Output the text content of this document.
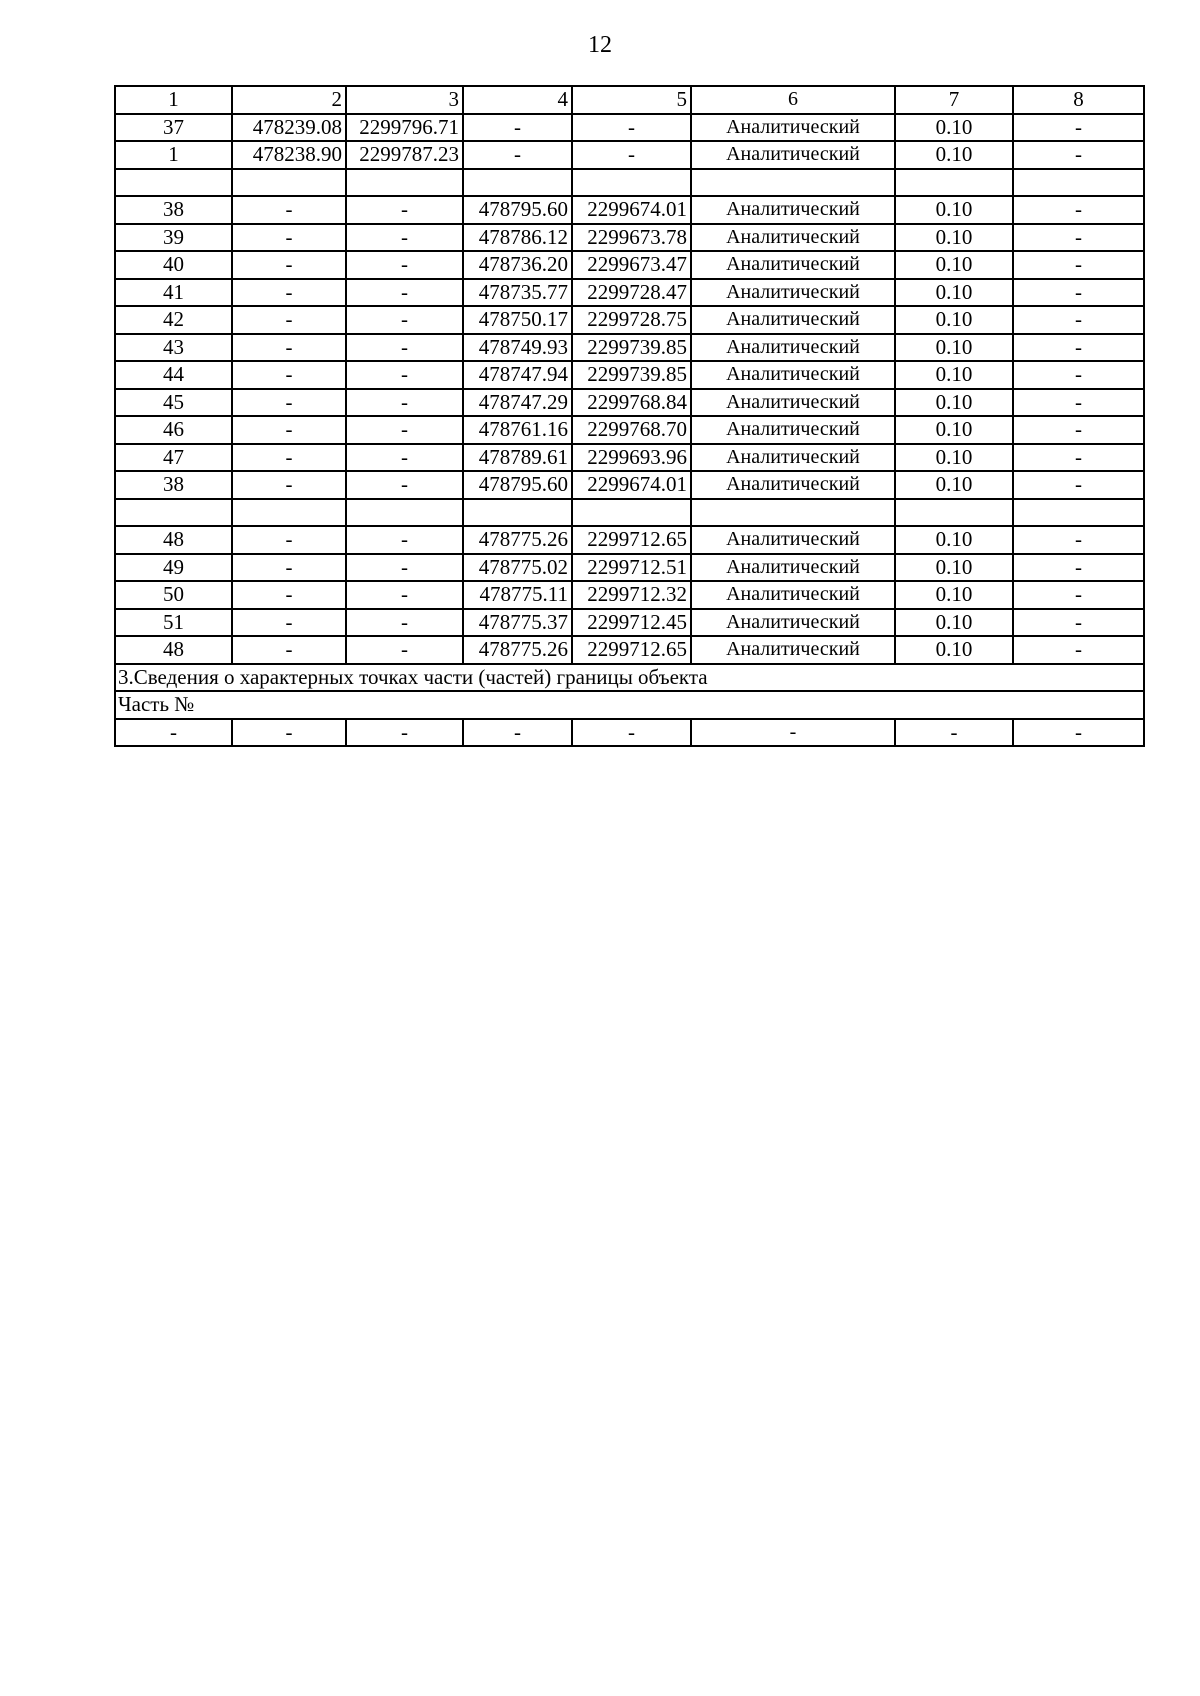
12
1	2	3	4	5	6	7	8
37	478239.08	2299796.71	-	-	Аналитический	0.10	-
1	478238.90	2299787.23	-	-	Аналитический	0.10	-

38	-	-	478795.60	2299674.01	Аналитический	0.10	-
39	-	-	478786.12	2299673.78	Аналитический	0.10	-
40	-	-	478736.20	2299673.47	Аналитический	0.10	-
41	-	-	478735.77	2299728.47	Аналитический	0.10	-
42	-	-	478750.17	2299728.75	Аналитический	0.10	-
43	-	-	478749.93	2299739.85	Аналитический	0.10	-
44	-	-	478747.94	2299739.85	Аналитический	0.10	-
45	-	-	478747.29	2299768.84	Аналитический	0.10	-
46	-	-	478761.16	2299768.70	Аналитический	0.10	-
47	-	-	478789.61	2299693.96	Аналитический	0.10	-
38	-	-	478795.60	2299674.01	Аналитический	0.10	-

48	-	-	478775.26	2299712.65	Аналитический	0.10	-
49	-	-	478775.02	2299712.51	Аналитический	0.10	-
50	-	-	478775.11	2299712.32	Аналитический	0.10	-
51	-	-	478775.37	2299712.45	Аналитический	0.10	-
48	-	-	478775.26	2299712.65	Аналитический	0.10	-
3.Сведения о характерных точках части (частей) границы объекта							
Часть №							
-	-	-	-	-	-	-	-
